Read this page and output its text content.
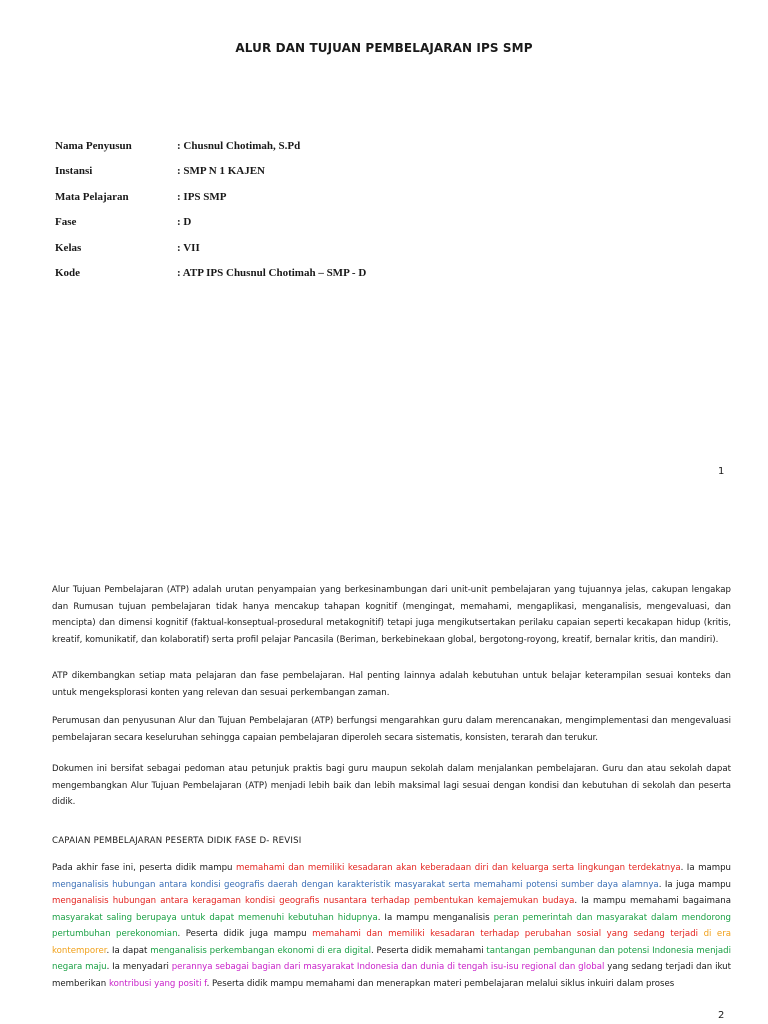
ALUR DAN TUJUAN PEMBELAJARAN IPS SMP
Nama Penyusun	: Chusnul Chotimah, S.Pd
Instansi	: SMP N 1 KAJEN
Mata Pelajaran	: IPS SMP
Fase	: D
Kelas	: VII
Kode	: ATP IPS Chusnul Chotimah – SMP - D
1

Alur Tujuan Pembelajaran (ATP) adalah urutan penyampaian yang berkesinambungan dari unit-unit pembelajaran yang tujuannya jelas, cakupan lengakap dan Rumusan tujuan pembelajaran tidak hanya mencakup tahapan kognitif (mengingat, memahami, mengaplikasi, menganalisis, mengevaluasi, dan mencipta) dan dimensi kognitif (faktual-konseptual-prosedural metakognitif) tetapi juga mengikutsertakan perilaku capaian seperti kecakapan hidup (kritis, kreatif, komunikatif, dan kolaboratif) serta profil pelajar Pancasila (Beriman, berkebinekaan global, bergotong-royong, kreatif, bernalar kritis, dan mandiri).

ATP dikembangkan setiap mata pelajaran dan fase pembelajaran. Hal penting lainnya adalah kebutuhan untuk belajar keterampilan sesuai konteks dan untuk mengeksplorasi konten yang relevan dan sesuai perkembangan zaman.

Perumusan dan penyusunan Alur dan Tujuan Pembelajaran (ATP) berfungsi mengarahkan guru dalam merencanakan, mengimplementasi dan mengevaluasi pembelajaran secara keseluruhan sehingga capaian pembelajaran diperoleh secara sistematis, konsisten, terarah dan terukur.

Dokumen ini bersifat sebagai pedoman atau petunjuk praktis bagi guru maupun sekolah dalam menjalankan pembelajaran. Guru dan atau sekolah dapat mengembangkan Alur Tujuan Pembelajaran (ATP) menjadi lebih baik dan lebih maksimal lagi sesuai dengan kondisi dan kebutuhan di sekolah dan peserta didik.

CAPAIAN PEMBELAJARAN PESERTA DIDIK FASE D- REVISI

Pada akhir fase ini, peserta didik mampu memahami dan memiliki kesadaran akan keberadaan diri dan keluarga serta lingkungan terdekatnya. Ia mampu menganalisis hubungan antara kondisi geografis daerah dengan karakteristik masyarakat serta memahami potensi sumber daya alamnya. Ia juga mampu menganalisis hubungan antara keragaman kondisi geografis nusantara terhadap pembentukan kemajemukan budaya. Ia mampu memahami bagaimana masyarakat saling berupaya untuk dapat memenuhi kebutuhan hidupnya. Ia mampu menganalisis peran pemerintah dan masyarakat dalam mendorong pertumbuhan perekonomian. Peserta didik juga mampu memahami dan memiliki kesadaran terhadap perubahan sosial yang sedang terjadi di era kontemporer. Ia dapat menganalisis perkembangan ekonomi di era digital. Peserta didik memahami tantangan pembangunan dan potensi Indonesia menjadi negara maju. Ia menyadari perannya sebagai bagian dari masyarakat Indonesia dan dunia di tengah isu-isu regional dan global yang sedang terjadi dan ikut memberikan kontribusi yang positi f. Peserta didik mampu memahami dan menerapkan materi pembelajaran melalui siklus inkuiri dalam proses

2
